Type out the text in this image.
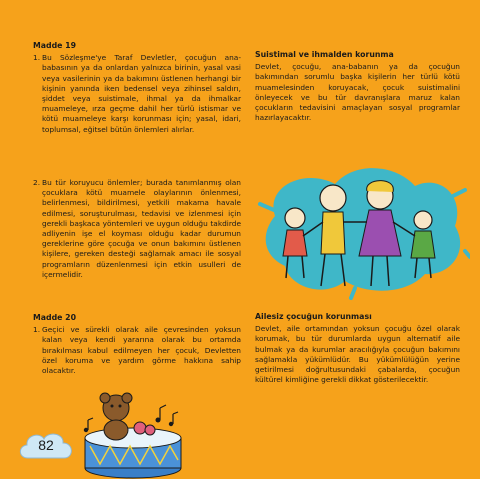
Madde 19
1. Bu Sözleşme'ye Taraf Devletler, çocuğun ana-babasının ya da onlardan yalnızca birinin, yasal vasi veya vasilerinin ya da bakımını üstlenen herhangi bir kişinin yanında iken bedensel veya zihinsel saldırı, şiddet veya suistimale, ihmal ya da ihmalkar muameleye, ırza geçme dahil her türlü istismar ve kötü muameleye karşı korunması için; yasal, idari, toplumsal, eğitsel bütün önlemleri alırlar.
2. Bu tür koruyucu önlemler; burada tanımlanmış olan çocuklara kötü muamele olaylarının önlenmesi, belirlenmesi, bildirilmesi, yetkili makama havale edilmesi, soruşturulması, tedavisi ve izlenmesi için gerekli başkaca yöntemleri ve uygun olduğu takdirde adliyenin işe el koyması olduğu kadar durumun gereklerine göre çocuğa ve onun bakımını üstlenen kişilere, gereken desteği sağlamak amacı ile sosyal programların düzenlenmesi için etkin usulleri de içermelidir.
Madde 20
1. Geçici ve sürekli olarak aile çevresinden yoksun kalan veya kendi yararına olarak bu ortamda bırakılması kabul edilmeyen her çocuk, Devletten özel koruma ve yardım görme hakkına sahip olacaktır.
Suistimal ve ihmalden korunma

Devlet, çocuğu, ana-babanın ya da çocuğun bakımından sorumlu başka kişilerin her türlü kötü muamelesinden koruyacak, çocuk suistimalini önleyecek ve bu tür davranışlara maruz kalan çocukların tedavisini amaçlayan sosyal programlar hazırlayacaktır.

Ailesiz çocuğun korunması

Devlet, aile ortamından yoksun çocuğu özel olarak korumak, bu tür durumlarda uygun alternatif aile bulmak ya da kurumlar aracılığıyla çocuğun bakımını sağlamakla yükümlüdür. Bu yükümlülüğün yerine getirilmesi doğrultusundaki çabalarda, çocuğun kültürel kimliğine gerekli dikkat gösterilecektir.

82
